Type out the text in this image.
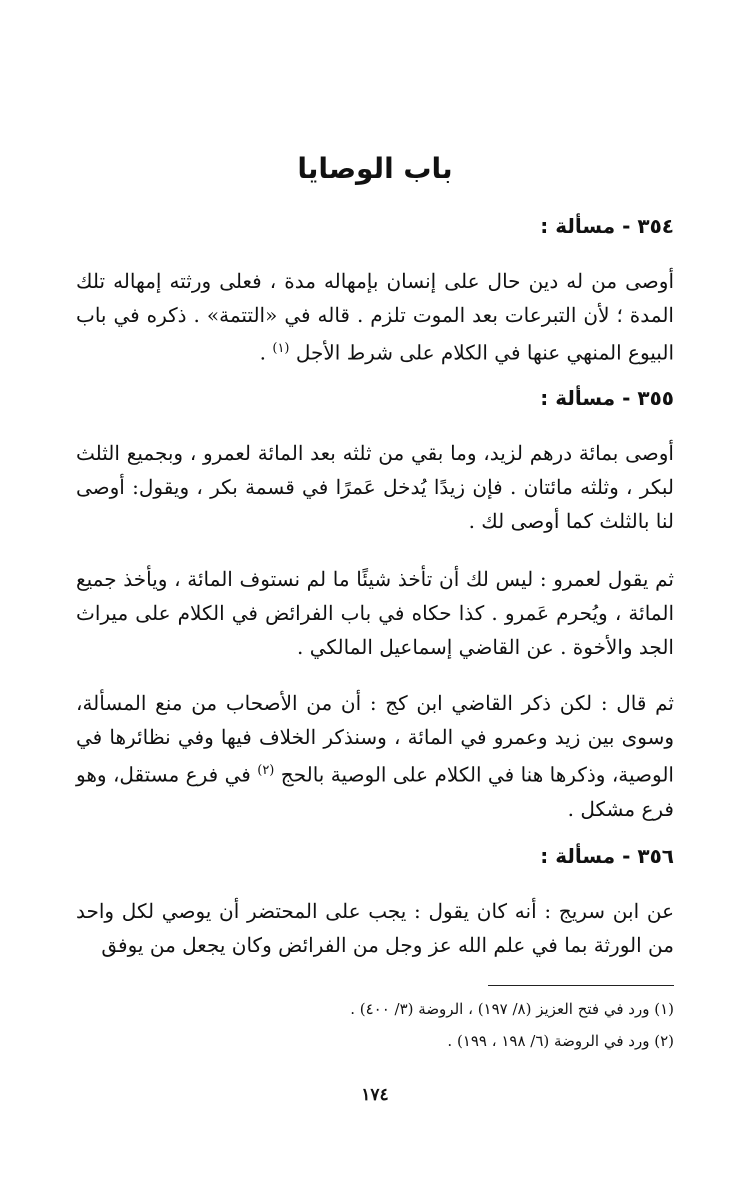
باب الوصايا
٣٥٤ - مسألة :

أوصى من له دين حال على إنسان بإمهاله مدة ، فعلى ورثته إمهاله تلك المدة ؛ لأن التبرعات بعد الموت تلزم . قاله في «التتمة» . ذكره في باب البيوع المنهي عنها في الكلام على شرط الأجل $^{(١)}$ .

٣٥٥ - مسألة :

أوصى بمائة درهم لزيد، وما بقي من ثلثه بعد المائة لعمرو ، وبجميع الثلث لبكر ، وثلثه مائتان . فإن زيدًا يُدخل عَمرًا في قسمة بكر ، ويقول: أوصى لنا بالثلث كما أوصى لك .

ثم يقول لعمرو : ليس لك أن تأخذ شيئًا ما لم نستوف المائة ، ويأخذ جميع المائة ، ويُحرم عَمرو . كذا حكاه في باب الفرائض في الكلام على ميراث الجد والأخوة . عن القاضي إسماعيل المالكي .

ثم قال : لكن ذكر القاضي ابن كج : أن من الأصحاب من منع المسألة، وسوى بين زيد وعمرو في المائة ، وسنذكر الخلاف فيها وفي نظائرها في الوصية، وذكرها هنا في الكلام على الوصية بالحج $^{(٢)}$ في فرع مستقل، وهو فرع مشكل .

٣٥٦ - مسألة :

عن ابن سريج : أنه كان يقول : يجب على المحتضر أن يوصي لكل واحد من الورثة بما في علم الله عز وجل من الفرائض وكان يجعل من يوفق

(١) ورد في فتح العزيز (٨/ ١٩٧) ، الروضة (٣/ ٤٠٠) .
(٢) ورد في الروضة (٦/ ١٩٨ ، ١٩٩) .
١٧٤
